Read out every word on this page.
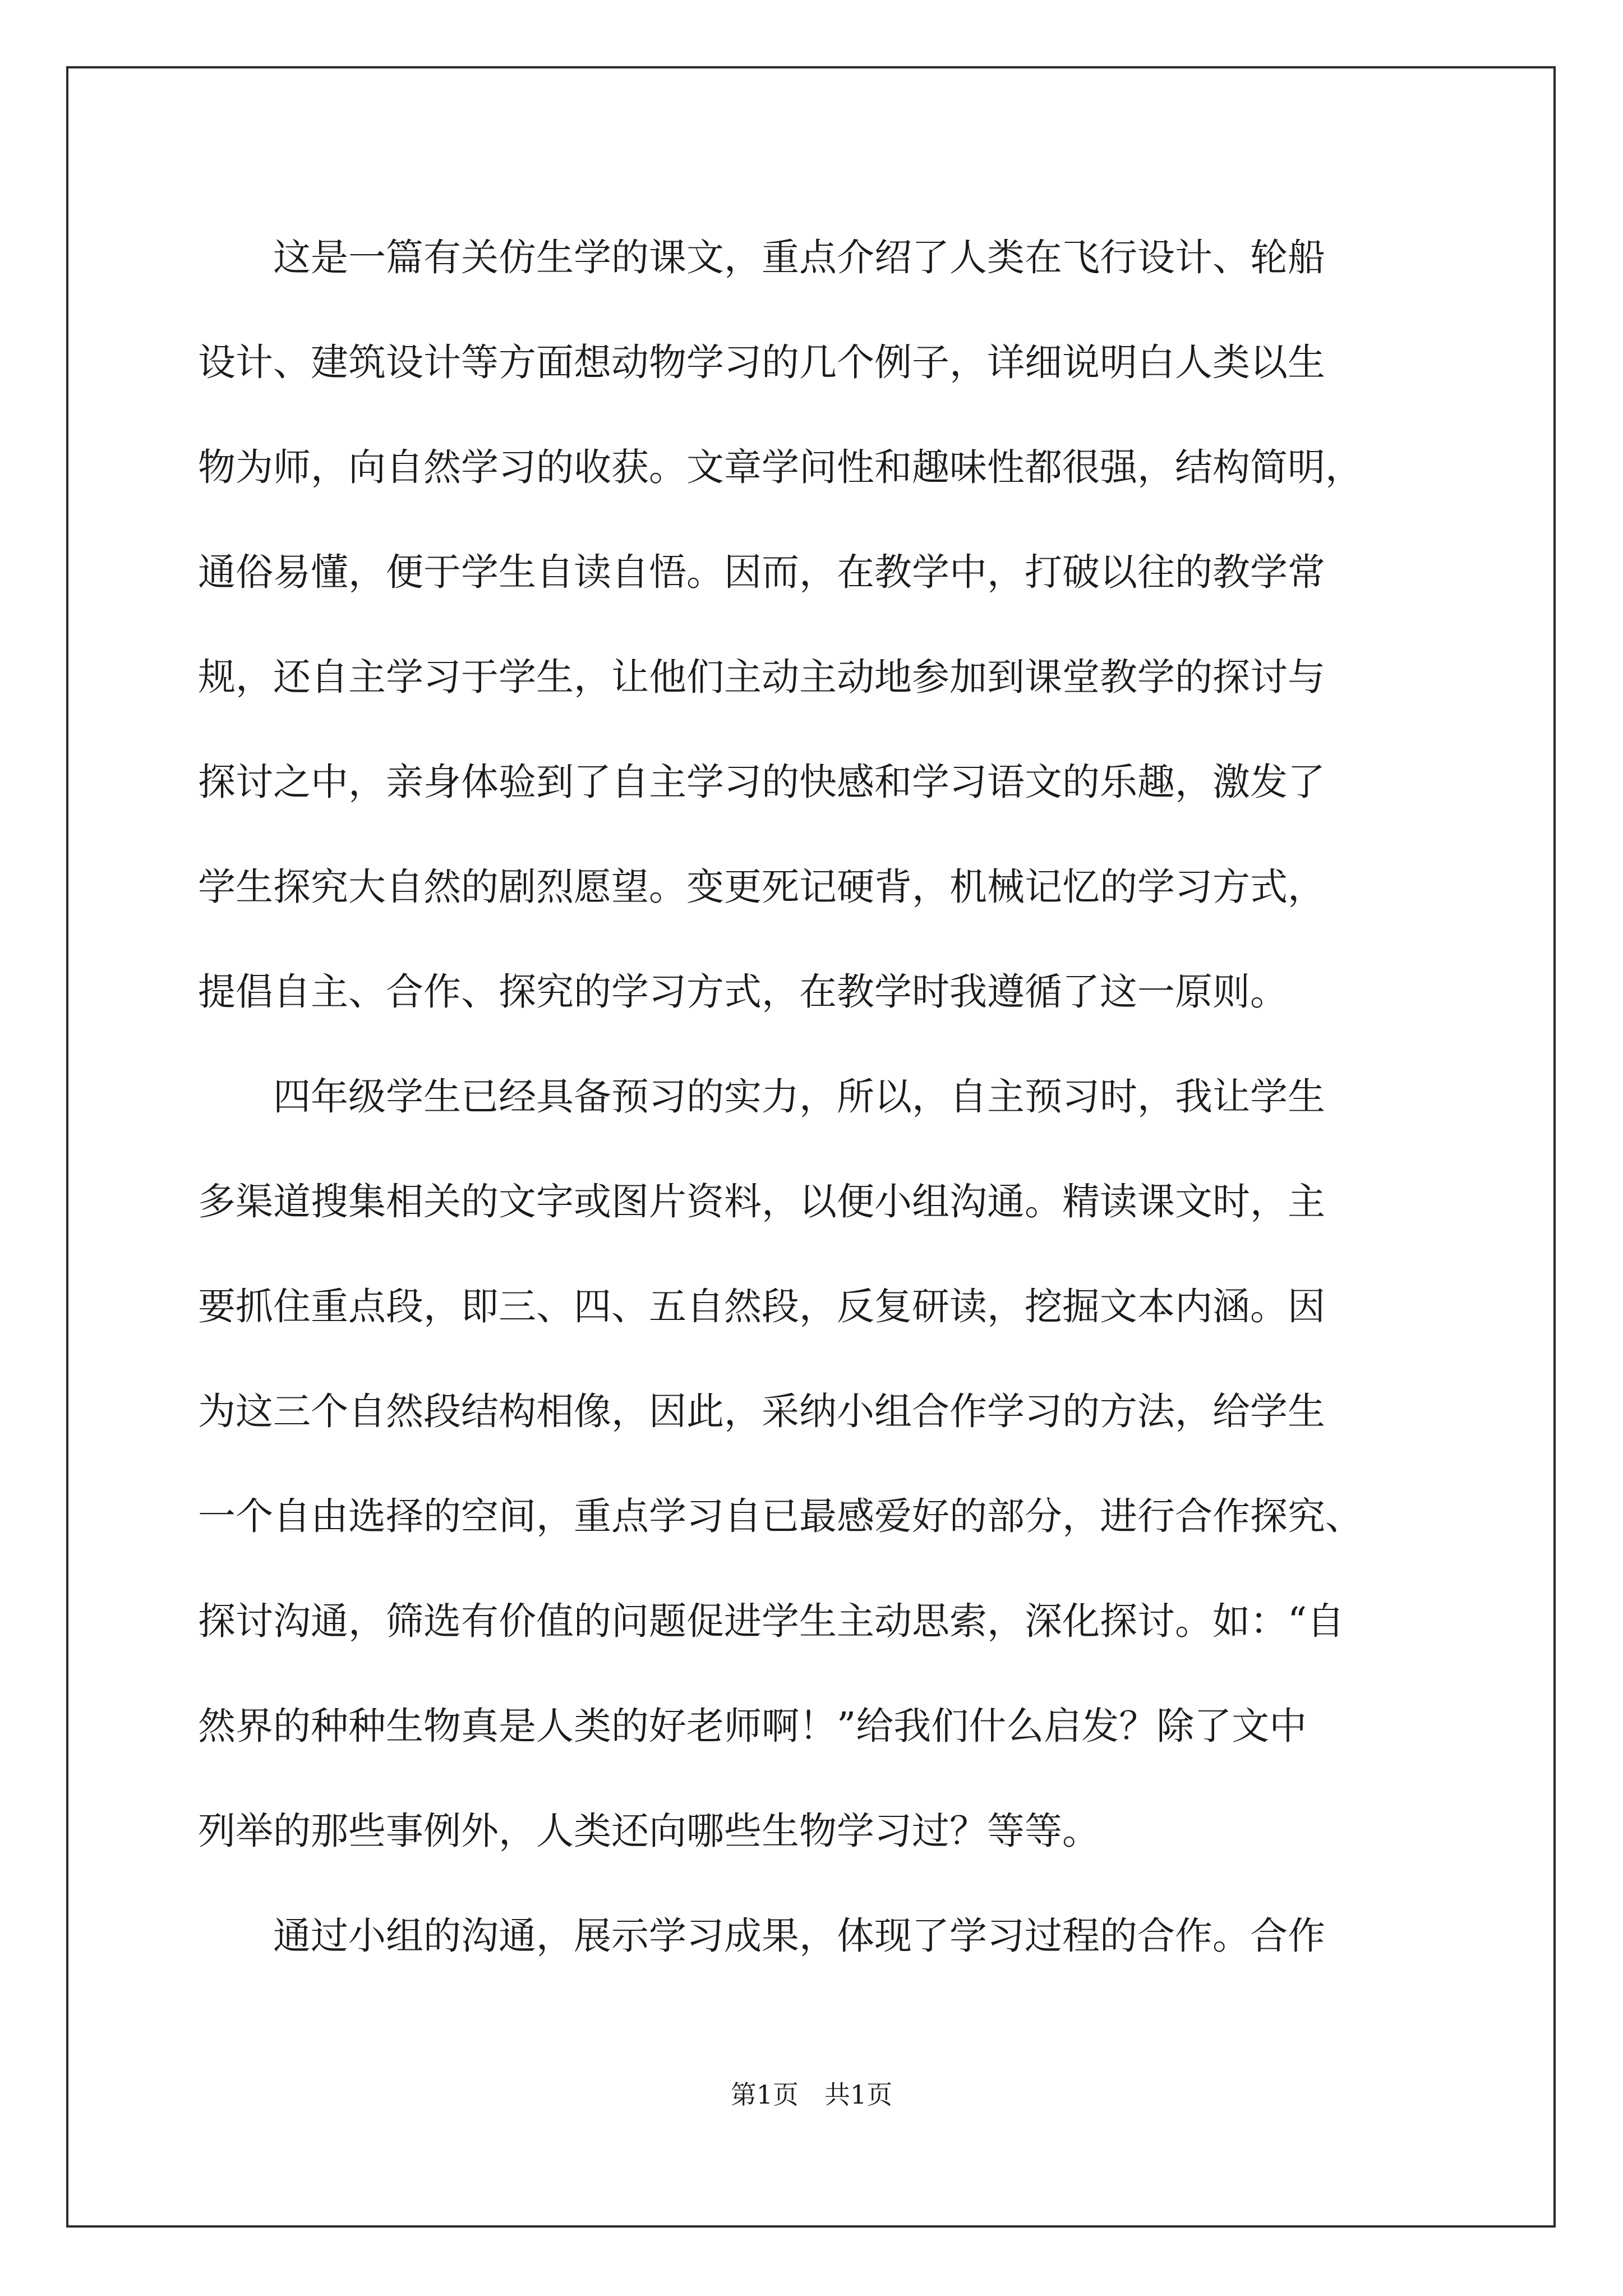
　　这是一篇有关仿生学的课文，重点介绍了人类在飞行设计、轮船
设计、建筑设计等方面想动物学习的几个例子，详细说明白人类以生
物为师，向自然学习的收获。文章学问性和趣味性都很强，结构简明，
通俗易懂，便于学生自读自悟。因而，在教学中，打破以往的教学常
规，还自主学习于学生，让他们主动主动地参加到课堂教学的探讨与
探讨之中，亲身体验到了自主学习的快感和学习语文的乐趣，激发了
学生探究大自然的剧烈愿望。变更死记硬背，机械记忆的学习方式，
提倡自主、合作、探究的学习方式，在教学时我遵循了这一原则。
　　四年级学生已经具备预习的实力，所以，自主预习时，我让学生
多渠道搜集相关的文字或图片资料，以便小组沟通。精读课文时，主
要抓住重点段，即三、四、五自然段，反复研读，挖掘文本内涵。因
为这三个自然段结构相像，因此，采纳小组合作学习的方法，给学生
一个自由选择的空间，重点学习自已最感爱好的部分，进行合作探究、
探讨沟通，筛选有价值的问题促进学生主动思索，深化探讨。如：“自
然界的种种生物真是人类的好老师啊！”给我们什么启发？除了文中
列举的那些事例外，人类还向哪些生物学习过？等等。
　　通过小组的沟通，展示学习成果，体现了学习过程的合作。合作
第1页　共1页
